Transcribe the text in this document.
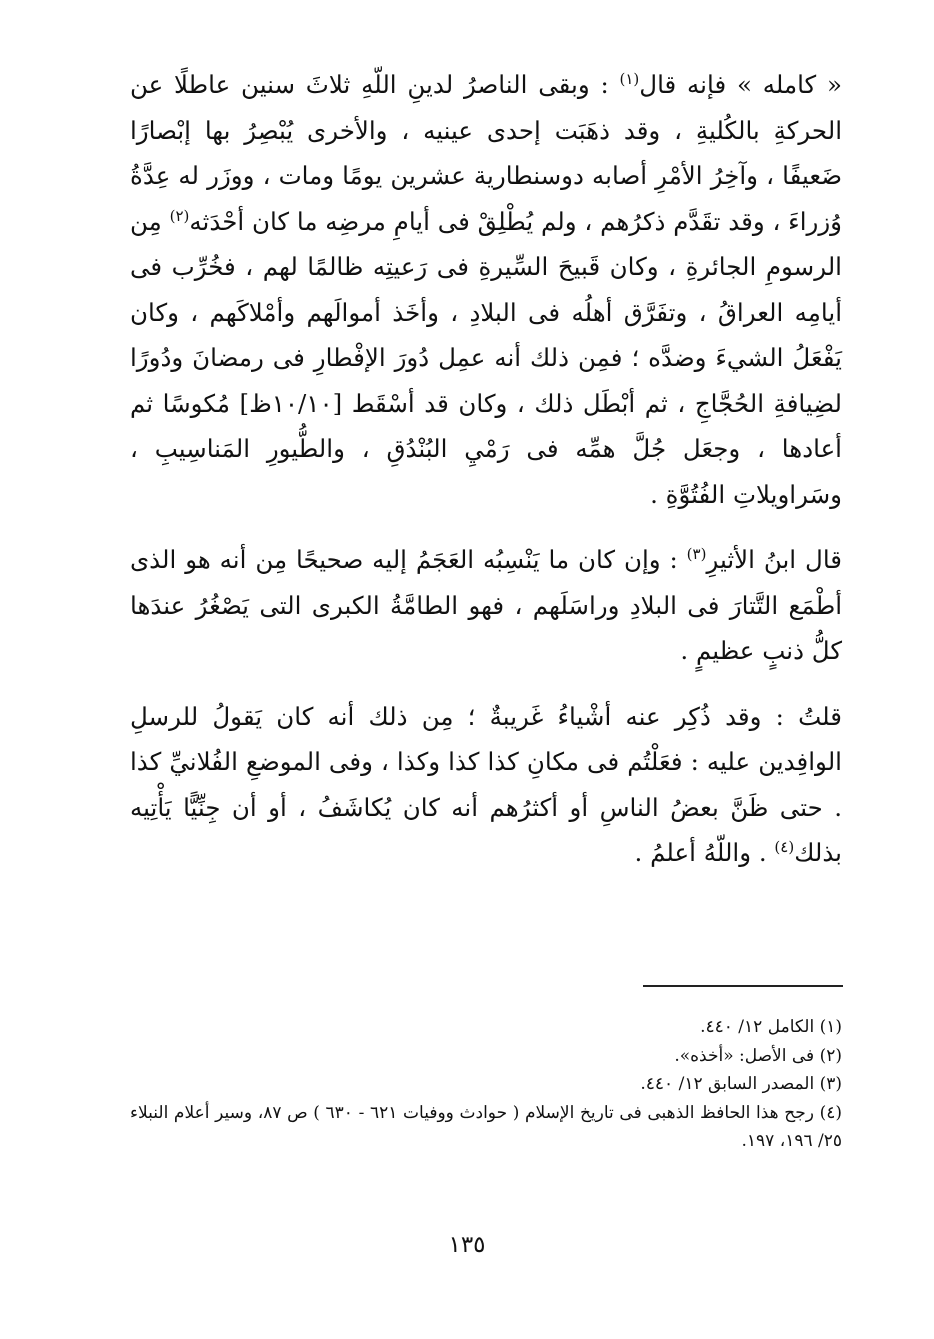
« كامله » فإنه قال$^{(١)}$ : وبقى الناصرُ لدينِ اللّهِ ثلاثَ سنين عاطلًا عن الحركةِ بالكُليةِ ، وقد ذهَبَت إحدى عينيه ، والأخرى يُبْصِرُ بها إبْصارًا ضَعيفًا ، وآخِرُ الأمْرِ أصابه دوسنطارية عشرين يومًا ومات ، ووزَر له عِدَّةُ وُزراءَ ، وقد تقَدَّم ذكرُهم ، ولم يُطْلِقْ فى أيامِ مرضِه ما كان أحْدَثه$^{(٢)}$ مِن الرسومِ الجائرةِ ، وكان قَبيحَ السِّيرةِ فى رَعيتِه ظالمًا لهم ، فخُرِّب فى أيامِه العراقُ ، وتفَرَّق أهلُه فى البلادِ ، وأخَذ أموالَهم وأمْلاكَهم ، وكان يَفْعَلُ الشيءَ وضدَّه ؛ فمِن ذلك أنه عمِل دُورَ الإفْطارِ فى رمضانَ ودُورًا لضِيافةِ الحُجَّاجِ ، ثم أبْطَل ذلك ، وكان قد أسْقَط [١٠/١٠ظ] مُكوسًا ثم أعادها ، وجعَل جُلَّ همِّه فى رَمْيِ البُنْدُقِ ، والطُّيورِ المَناسِيبِ ، وسَراويلاتِ الفُتُوَّةِ .

قال ابنُ الأثيرِ$^{(٣)}$ : وإن كان ما يَنْسِبُه العَجَمُ إليه صحيحًا مِن أنه هو الذى أطْمَع التَّتارَ فى البلادِ وراسَلَهم ، فهو الطامَّةُ الكبرى التى يَصْغُرُ عندَها كلُّ ذنبٍ عظيمٍ .

قلتُ : وقد ذُكِر عنه أشْياءُ غَريبةٌ ؛ مِن ذلك أنه كان يَقولُ للرسلِ الوافِدين عليه : فعَلْتُم فى مكانِ كذا كذا وكذا ، وفى الموضعِ الفُلانيِّ كذا . حتى ظَنَّ بعضُ الناسِ أو أكثرُهم أنه كان يُكاشَفُ ، أو أن جِنِّيًّا يَأْتِيه بذلك$^{(٤)}$ . واللّهُ أعلمُ .

(١) الكامل ١٢/ ٤٤٠.

(٢) فى الأصل: «أخذه».

(٣) المصدر السابق ١٢/ ٤٤٠.

(٤) رجح هذا الحافظ الذهبى فى تاريخ الإسلام ( حوادث ووفيات ٦٢١ - ٦٣٠ ) ص ٨٧، وسير أعلام النبلاء ٢٥/ ١٩٦، ١٩٧.

١٣٥
